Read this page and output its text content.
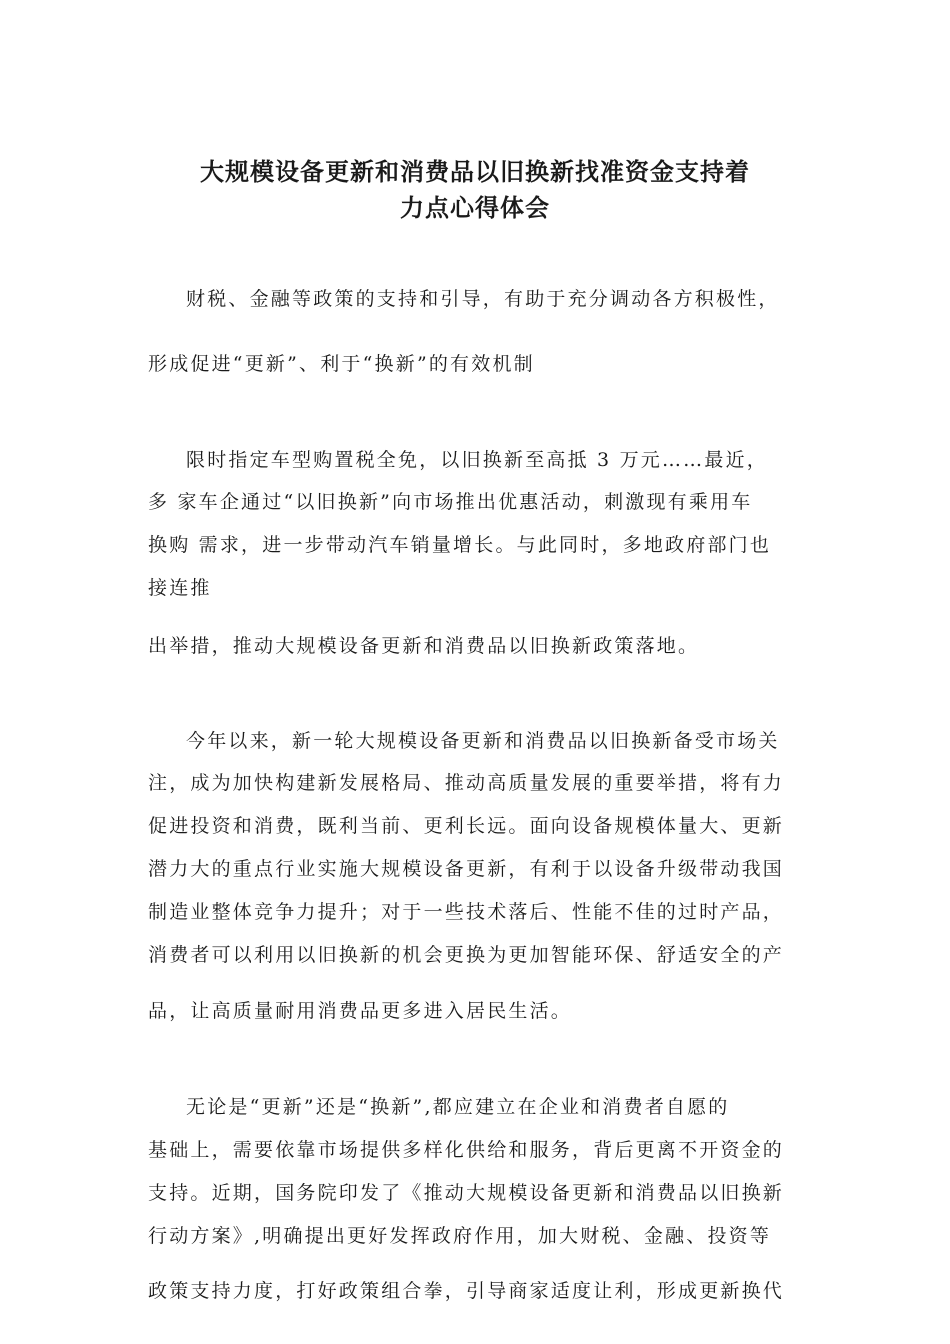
大规模设备更新和消费品以旧换新找准资金支持着
力点心得体会
财税、金融等政策的支持和引导，有助于充分调动各方积极性，
形成促进“更新”、利于“换新”的有效机制
限时指定车型购置税全免，以旧换新至高抵 3 万元……最近，
多 家车企通过“以旧换新”向市场推出优惠活动，刺激现有乘用车
换购 需求，进一步带动汽车销量增长。与此同时，多地政府部门也
接连推
出举措，推动大规模设备更新和消费品以旧换新政策落地。
今年以来，新一轮大规模设备更新和消费品以旧换新备受市场关
注，成为加快构建新发展格局、推动高质量发展的重要举措，将有力
促进投资和消费，既利当前、更利长远。面向设备规模体量大、更新
潜力大的重点行业实施大规模设备更新，有利于以设备升级带动我国
制造业整体竞争力提升；对于一些技术落后、性能不佳的过时产品，
消费者可以利用以旧换新的机会更换为更加智能环保、舒适安全的产
品，让高质量耐用消费品更多进入居民生活。
无论是“更新”还是“换新”,都应建立在企业和消费者自愿的
基础上，需要依靠市场提供多样化供给和服务，背后更离不开资金的
支持。近期，国务院印发了《推动大规模设备更新和消费品以旧换新
行动方案》,明确提出更好发挥政府作用，加大财税、金融、投资等
政策支持力度，打好政策组合拳，引导商家适度让利，形成更新换代
